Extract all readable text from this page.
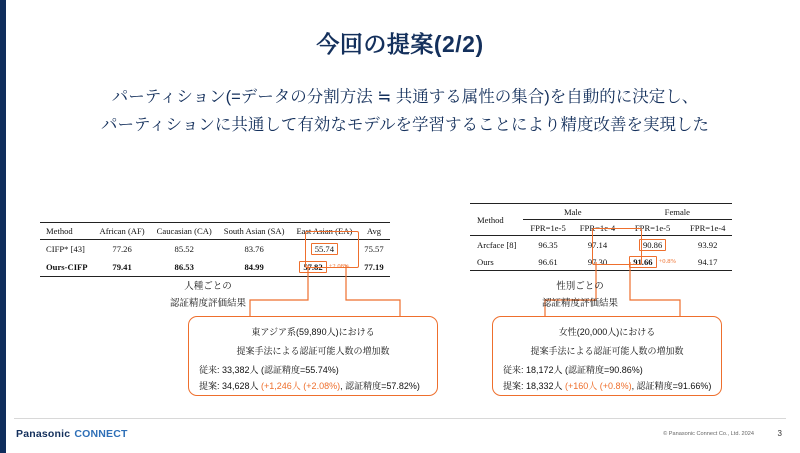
今回の提案(2/2)
パーティション(=データの分割方法 ≒ 共通する属性の集合)を自動的に決定し、
パーティションに共通して有効なモデルを学習することにより精度改善を実現した
Method	African (AF)	Caucasian (CA)	South Asian (SA)	East Asian (EA)	Avg
CIFP* [43]	77.26	85.52	83.76	55.74	75.57
Ours-CIFP	79.41	86.53	84.99	57.82 $^{+2.08\%}$	77.19
Method	Male		Female	
	FPR=1e-5	FPR=1e-4	FPR=1e-5	FPR=1e-4
Arcface [8]	96.35	97.14	90.86	93.92
Ours	96.61	97.30	91.66 $^{+0.8\%}$	94.17
人種ごとの
認証精度評価結果
性別ごとの
認証精度評価結果
東アジア系(59,890人)における
提案手法による認証可能人数の増加数
従来: 33,382人 (認証精度=55.74%)
提案: 34,628人 (+1,246人 (+2.08%), 認証精度=57.82%)
女性(20,000人)における
提案手法による認証可能人数の増加数
従来: 18,172人 (認証精度=90.86%)
提案: 18,332人 (+160人 (+0.8%), 認証精度=91.66%)
Panasonic CONNECT	© Panasonic Connect Co., Ltd. 2024	3
